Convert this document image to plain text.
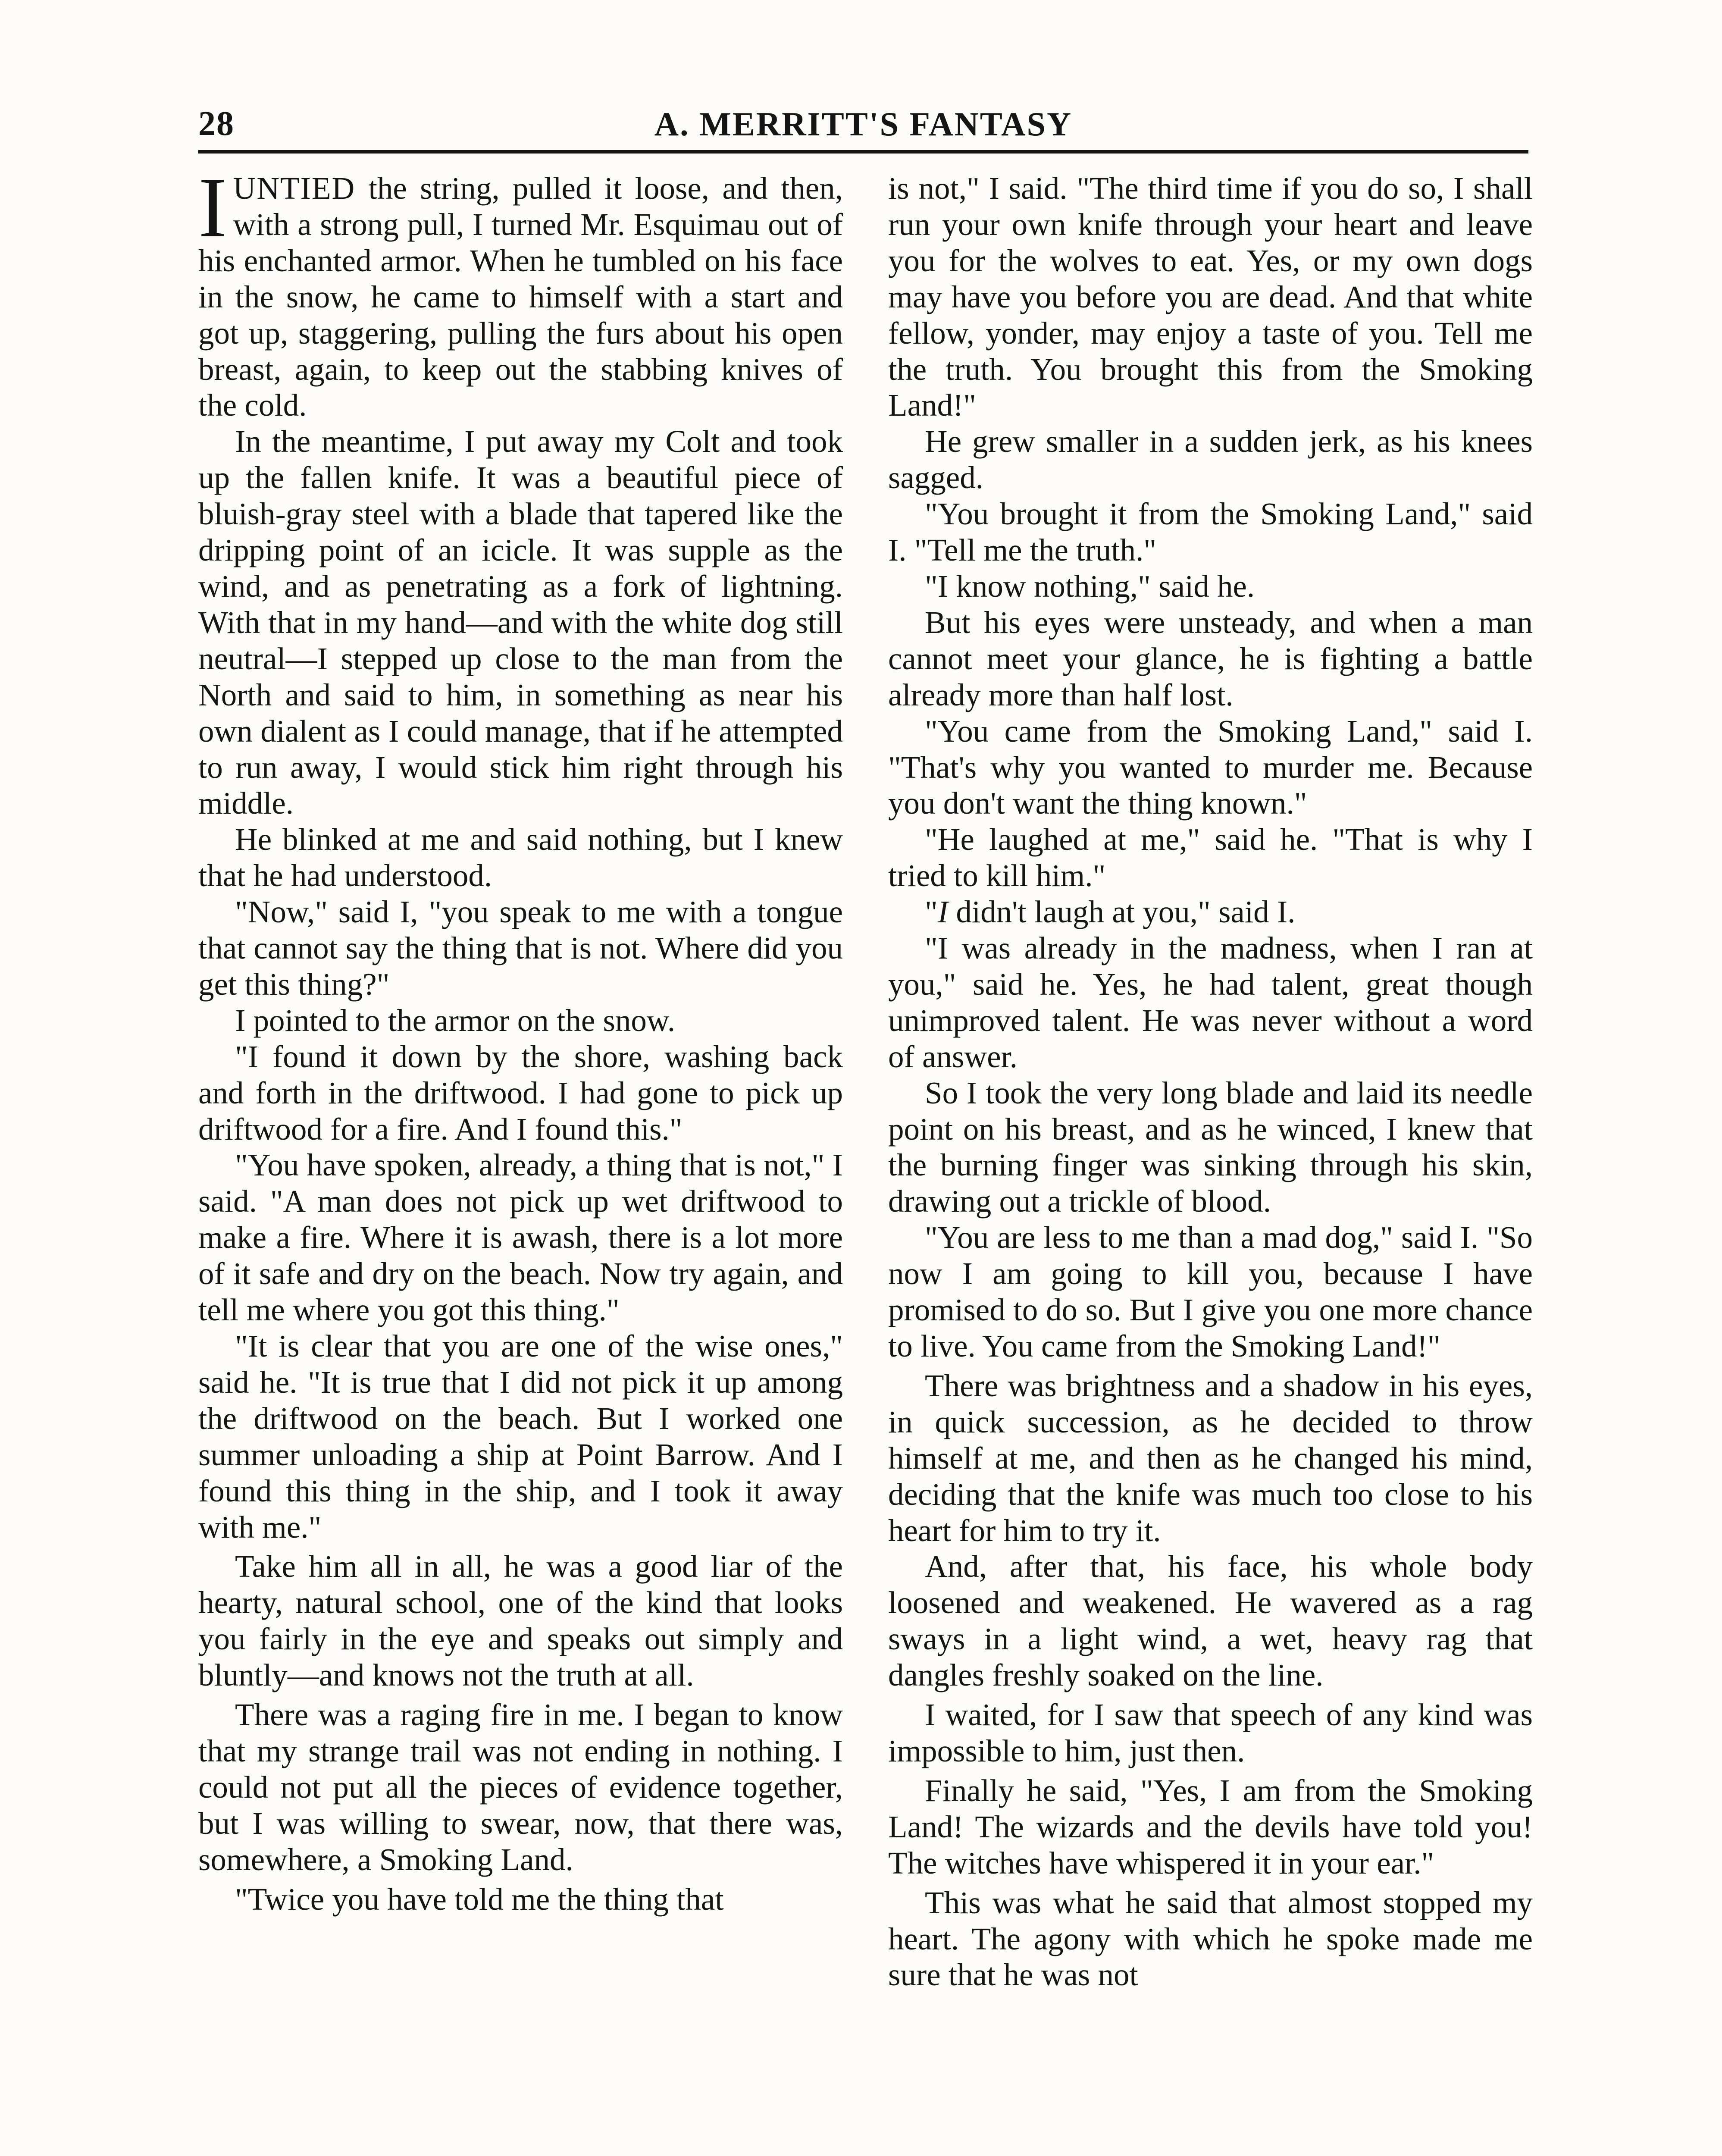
28	A. MERRITT'S FANTASY

IUNTIED the string, pulled it loose, and then, with a strong pull, I turned Mr. Esquimau out of his enchanted armor. When he tumbled on his face in the snow, he came to himself with a start and got up, staggering, pulling the furs about his open breast, again, to keep out the stabbing knives of the cold.

In the meantime, I put away my Colt and took up the fallen knife. It was a beautiful piece of bluish-gray steel with a blade that tapered like the dripping point of an icicle. It was supple as the wind, and as penetrating as a fork of lightning. With that in my hand—and with the white dog still neutral—I stepped up close to the man from the North and said to him, in something as near his own dialent as I could manage, that if he attempted to run away, I would stick him right through his middle.

He blinked at me and said nothing, but I knew that he had understood.

"Now," said I, "you speak to me with a tongue that cannot say the thing that is not. Where did you get this thing?"

I pointed to the armor on the snow.

"I found it down by the shore, washing back and forth in the driftwood. I had gone to pick up driftwood for a fire. And I found this."

"You have spoken, already, a thing that is not," I said. "A man does not pick up wet driftwood to make a fire. Where it is awash, there is a lot more of it safe and dry on the beach. Now try again, and tell me where you got this thing."

"It is clear that you are one of the wise ones," said he. "It is true that I did not pick it up among the driftwood on the beach. But I worked one summer unloading a ship at Point Barrow. And I found this thing in the ship, and I took it away with me."

Take him all in all, he was a good liar of the hearty, natural school, one of the kind that looks you fairly in the eye and speaks out simply and bluntly—and knows not the truth at all.

There was a raging fire in me. I began to know that my strange trail was not ending in nothing. I could not put all the pieces of evidence together, but I was willing to swear, now, that there was, somewhere, a Smoking Land.

"Twice you have told me the thing that

is not," I said. "The third time if you do so, I shall run your own knife through your heart and leave you for the wolves to eat. Yes, or my own dogs may have you before you are dead. And that white fellow, yonder, may enjoy a taste of you. Tell me the truth. You brought this from the Smoking Land!"

He grew smaller in a sudden jerk, as his knees sagged.

"You brought it from the Smoking Land," said I. "Tell me the truth."

"I know nothing," said he.

But his eyes were unsteady, and when a man cannot meet your glance, he is fighting a battle already more than half lost.

"You came from the Smoking Land," said I. "That's why you wanted to murder me. Because you don't want the thing known."

"He laughed at me," said he. "That is why I tried to kill him."

"I didn't laugh at you," said I.

"I was already in the madness, when I ran at you," said he. Yes, he had talent, great though unimproved talent. He was never without a word of answer.

So I took the very long blade and laid its needle point on his breast, and as he winced, I knew that the burning finger was sinking through his skin, drawing out a trickle of blood.

"You are less to me than a mad dog," said I. "So now I am going to kill you, because I have promised to do so. But I give you one more chance to live. You came from the Smoking Land!"

There was brightness and a shadow in his eyes, in quick succession, as he decided to throw himself at me, and then as he changed his mind, deciding that the knife was much too close to his heart for him to try it.

And, after that, his face, his whole body loosened and weakened. He wavered as a rag sways in a light wind, a wet, heavy rag that dangles freshly soaked on the line.

I waited, for I saw that speech of any kind was impossible to him, just then.

Finally he said, "Yes, I am from the Smoking Land! The wizards and the devils have told you! The witches have whispered it in your ear."

This was what he said that almost stopped my heart. The agony with which he spoke made me sure that he was not
